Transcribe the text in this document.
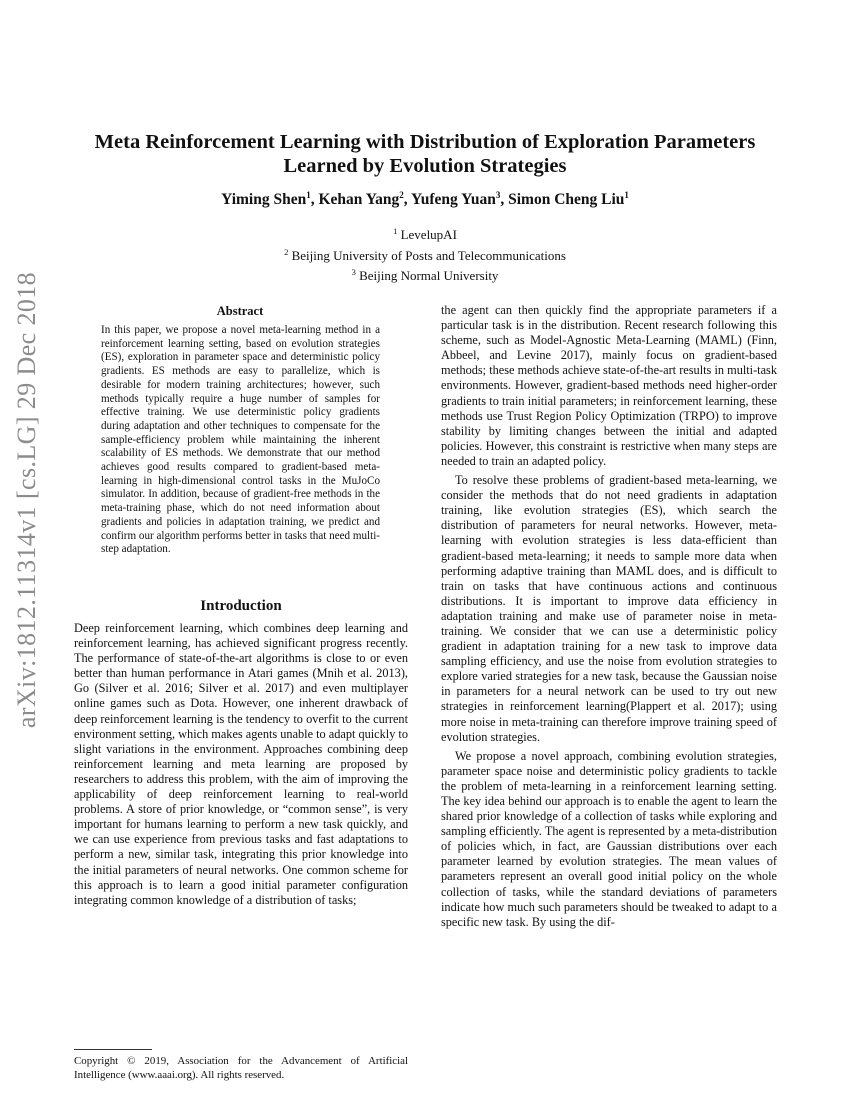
arXiv:1812.11314v1 [cs.LG] 29 Dec 2018
Meta Reinforcement Learning with Distribution of Exploration Parameters Learned by Evolution Strategies
Yiming Shen$^1$, Kehan Yang$^2$, Yufeng Yuan$^3$, Simon Cheng Liu$^1$
$^1$ LevelupAI
$^2$ Beijing University of Posts and Telecommunications
$^3$ Beijing Normal University
Abstract

In this paper, we propose a novel meta-learning method in a reinforcement learning setting, based on evolution strategies (ES), exploration in parameter space and deterministic policy gradients. ES methods are easy to parallelize, which is desirable for modern training architectures; however, such methods typically require a huge number of samples for effective training. We use deterministic policy gradients during adaptation and other techniques to compensate for the sample-efficiency problem while maintaining the inherent scalability of ES methods. We demonstrate that our method achieves good results compared to gradient-based meta-learning in high-dimensional control tasks in the MuJoCo simulator. In addition, because of gradient-free methods in the meta-training phase, which do not need information about gradients and policies in adaptation training, we predict and confirm our algorithm performs better in tasks that need multi-step adaptation.

Introduction

Deep reinforcement learning, which combines deep learning and reinforcement learning, has achieved significant progress recently. The performance of state-of-the-art algorithms is close to or even better than human performance in Atari games (Mnih et al. 2013), Go (Silver et al. 2016; Silver et al. 2017) and even multiplayer online games such as Dota. However, one inherent drawback of deep reinforcement learning is the tendency to overfit to the current environment setting, which makes agents unable to adapt quickly to slight variations in the environment. Approaches combining deep reinforcement learning and meta learning are proposed by researchers to address this problem, with the aim of improving the applicability of deep reinforcement learning to real-world problems. A store of prior knowledge, or “common sense”, is very important for humans learning to perform a new task quickly, and we can use experience from previous tasks and fast adaptations to perform a new, similar task, integrating this prior knowledge into the initial parameters of neural networks. One common scheme for this approach is to learn a good initial parameter configuration integrating common knowledge of a distribution of tasks;

Copyright © 2019, Association for the Advancement of Artificial Intelligence (www.aaai.org). All rights reserved.

the agent can then quickly find the appropriate parameters if a particular task is in the distribution. Recent research following this scheme, such as Model-Agnostic Meta-Learning (MAML) (Finn, Abbeel, and Levine 2017), mainly focus on gradient-based methods; these methods achieve state-of-the-art results in multi-task environments. However, gradient-based methods need higher-order gradients to train initial parameters; in reinforcement learning, these methods use Trust Region Policy Optimization (TRPO) to improve stability by limiting changes between the initial and adapted policies. However, this constraint is restrictive when many steps are needed to train an adapted policy.

To resolve these problems of gradient-based meta-learning, we consider the methods that do not need gradients in adaptation training, like evolution strategies (ES), which search the distribution of parameters for neural networks. However, meta-learning with evolution strategies is less data-efficient than gradient-based meta-learning; it needs to sample more data when performing adaptive training than MAML does, and is difficult to train on tasks that have continuous actions and continuous distributions. It is important to improve data efficiency in adaptation training and make use of parameter noise in meta-training. We consider that we can use a deterministic policy gradient in adaptation training for a new task to improve data sampling efficiency, and use the noise from evolution strategies to explore varied strategies for a new task, because the Gaussian noise in parameters for a neural network can be used to try out new strategies in reinforcement learning(Plappert et al. 2017); using more noise in meta-training can therefore improve training speed of evolution strategies.

We propose a novel approach, combining evolution strategies, parameter space noise and deterministic policy gradients to tackle the problem of meta-learning in a reinforcement learning setting. The key idea behind our approach is to enable the agent to learn the shared prior knowledge of a collection of tasks while exploring and sampling efficiently. The agent is represented by a meta-distribution of policies which, in fact, are Gaussian distributions over each parameter learned by evolution strategies. The mean values of parameters represent an overall good initial policy on the whole collection of tasks, while the standard deviations of parameters indicate how much such parameters should be tweaked to adapt to a specific new task. By using the dif-
